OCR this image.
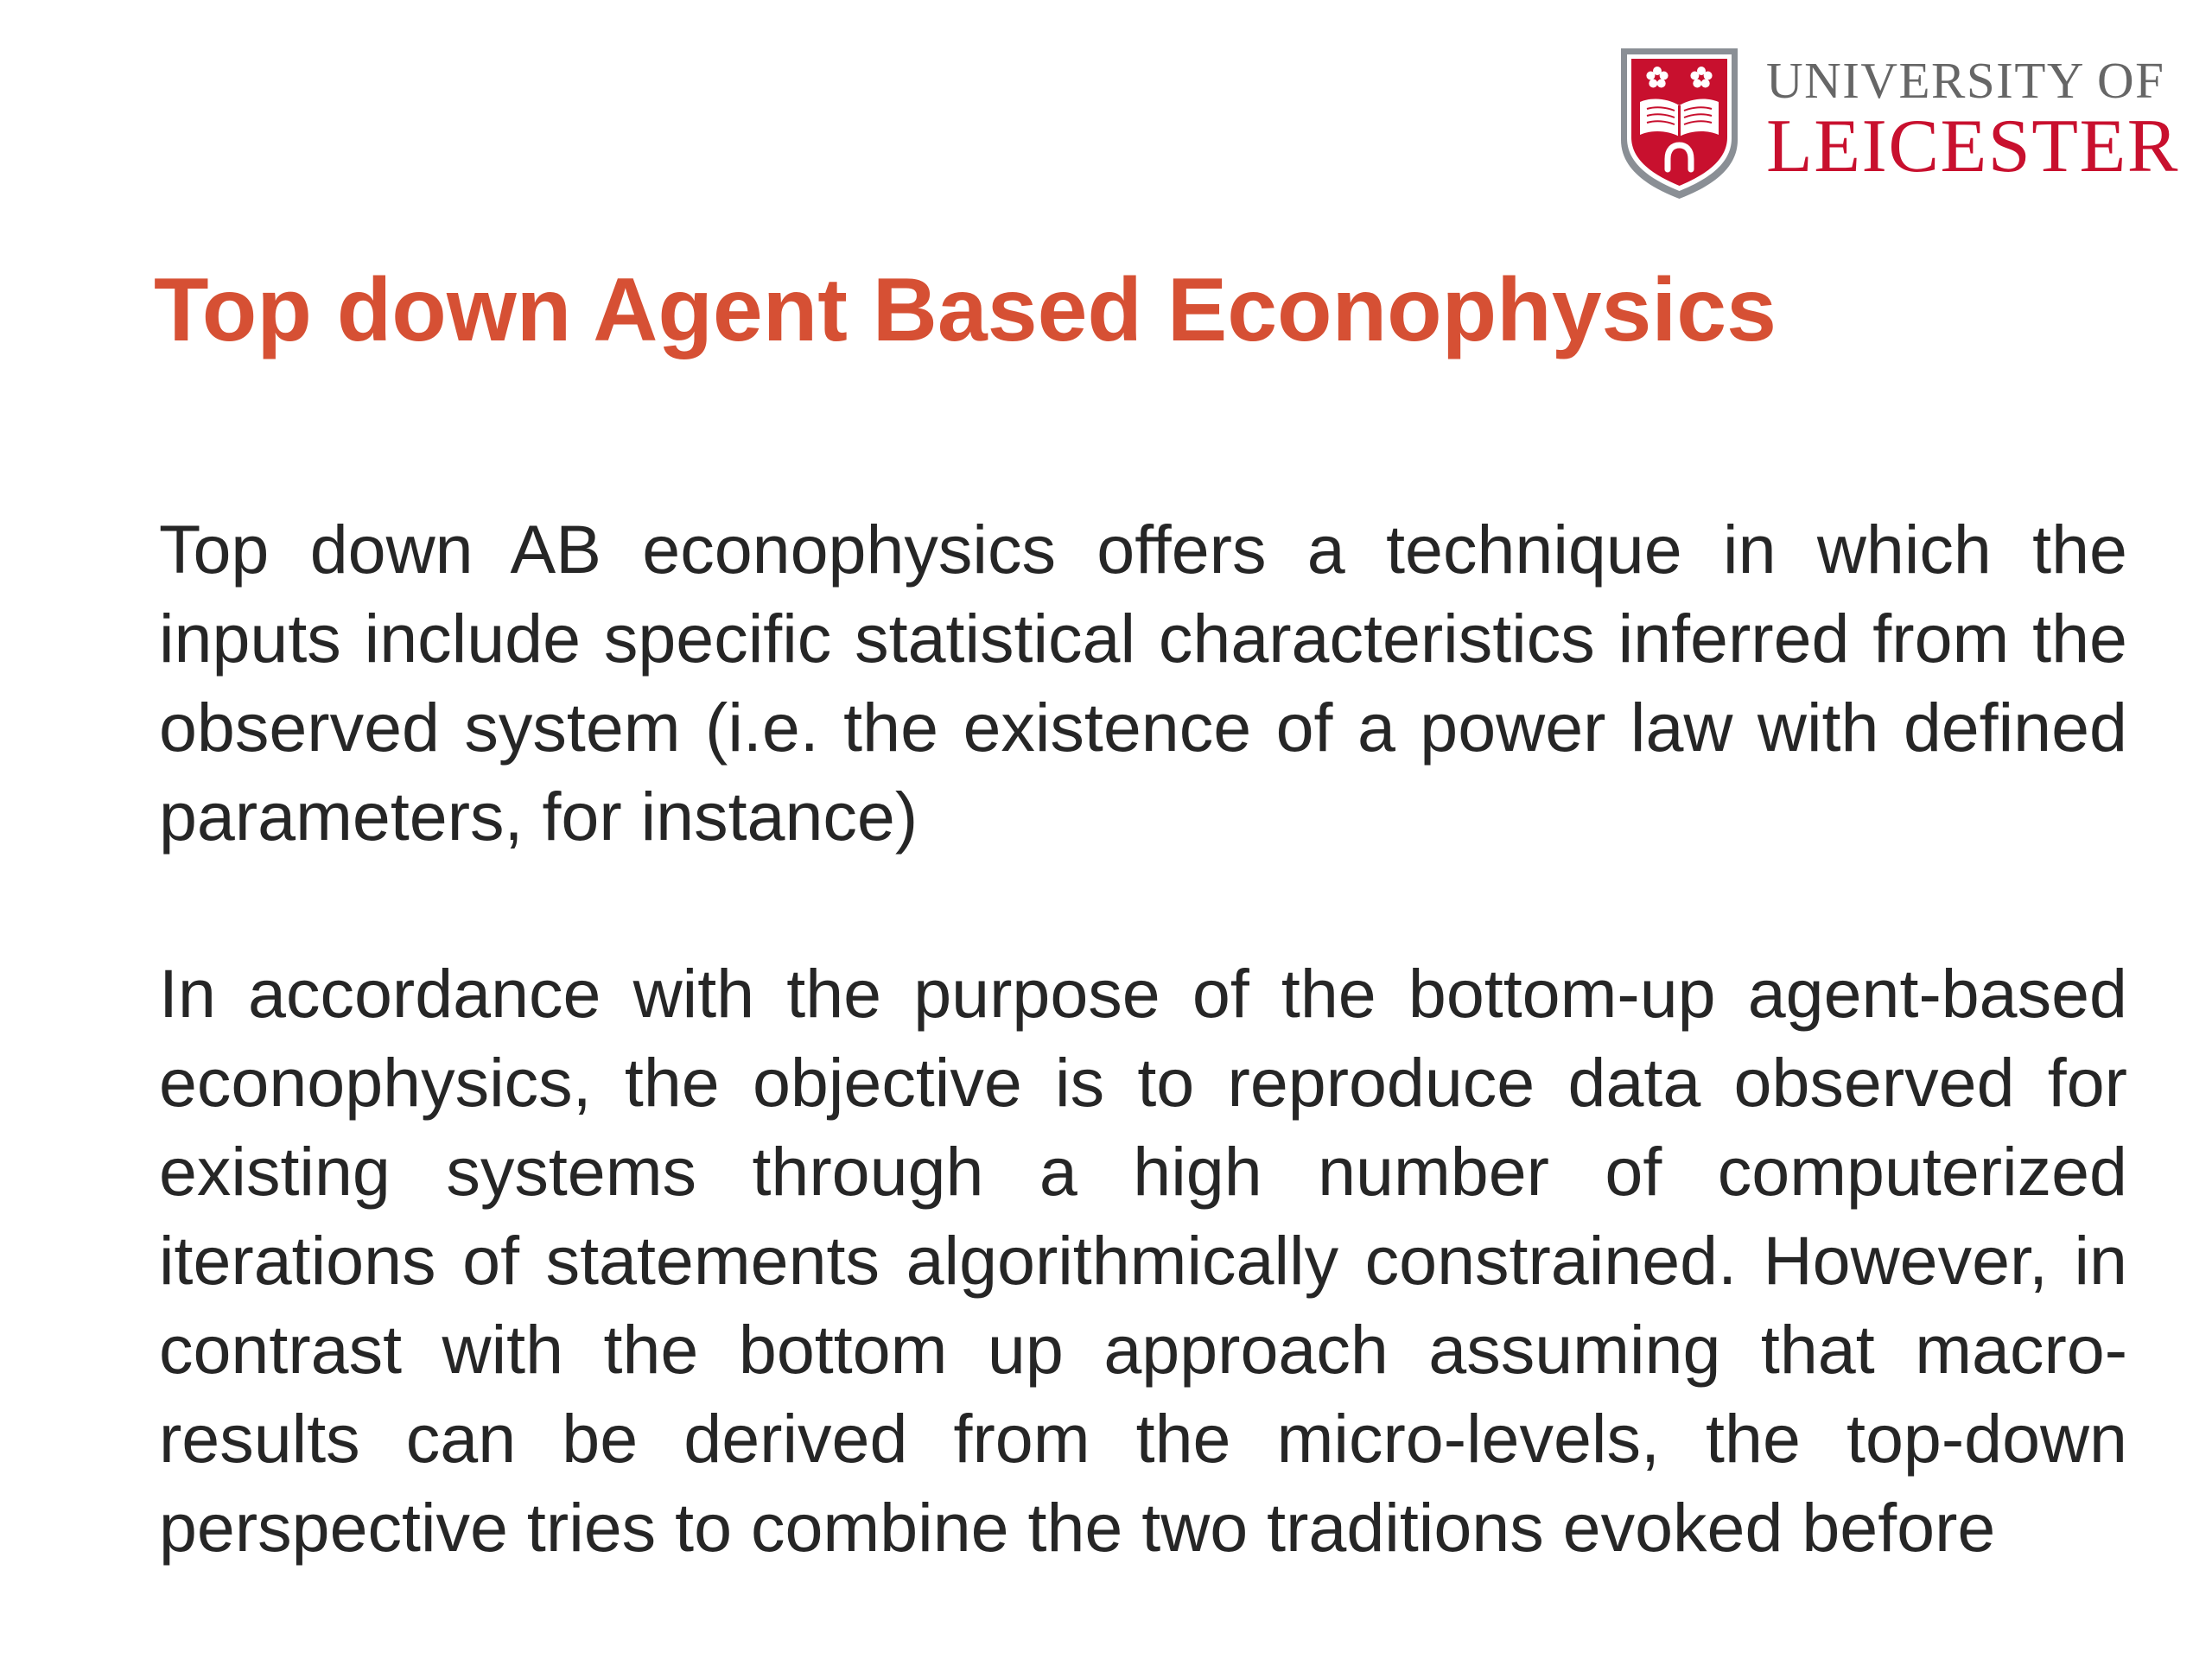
UNIVERSITY OF
LEICESTER
Top down Agent Based Econophysics

Top down AB econophysics offers a technique in which the inputs include specific statistical characteristics inferred from the observed system (i.e. the existence of a power law with defined parameters, for instance)

In accordance with the purpose of the bottom-up agent-based econophysics, the objective is to reproduce data observed for existing systems through a high number of computerized iterations of statements algorithmically constrained. However, in contrast with the bottom up approach assuming that macro-results can be derived from the micro-levels, the top-down perspective tries to combine the two traditions evoked before
